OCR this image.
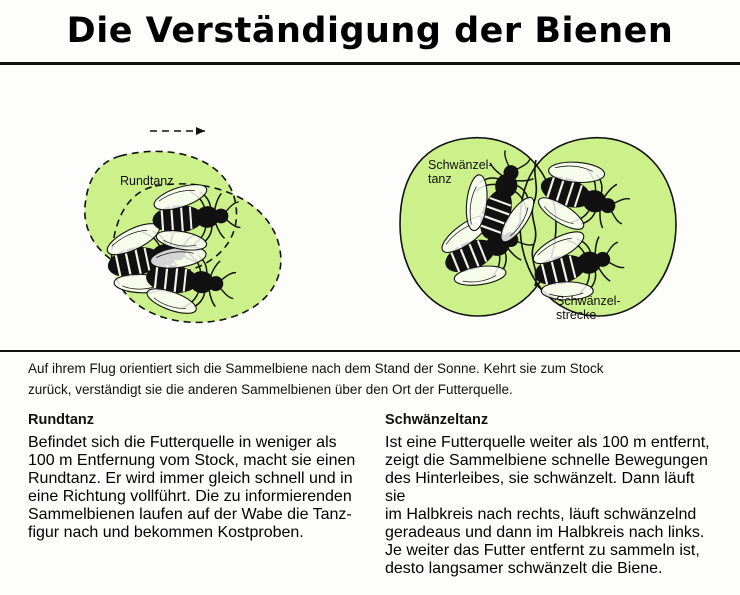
Die Verständigung der Bienen
Rundtanz
Schwänzel-
tanz
Schwänzel-
strecke
Auf ihrem Flug orientiert sich die Sammelbiene nach dem Stand der Sonne. Kehrt sie zum Stock
zurück, verständigt sie die anderen Sammelbienen über den Ort der Futterquelle.
Rundtanz

Befindet sich die Futterquelle in weniger als
100 m Entfernung vom Stock, macht sie einen
Rundtanz. Er wird immer gleich schnell und in
eine Richtung vollführt. Die zu informierenden
Sammelbienen laufen auf der Wabe die Tanz-
figur nach und bekommen Kostproben.

Schwänzeltanz

Ist eine Futterquelle weiter als 100 m entfernt,
zeigt die Sammelbiene schnelle Bewegungen
des Hinterleibes, sie schwänzelt. Dann läuft sie
im Halbkreis nach rechts, läuft schwänzelnd
geradeaus und dann im Halbkreis nach links.
Je weiter das Futter entfernt zu sammeln ist,
desto langsamer schwänzelt die Biene.
